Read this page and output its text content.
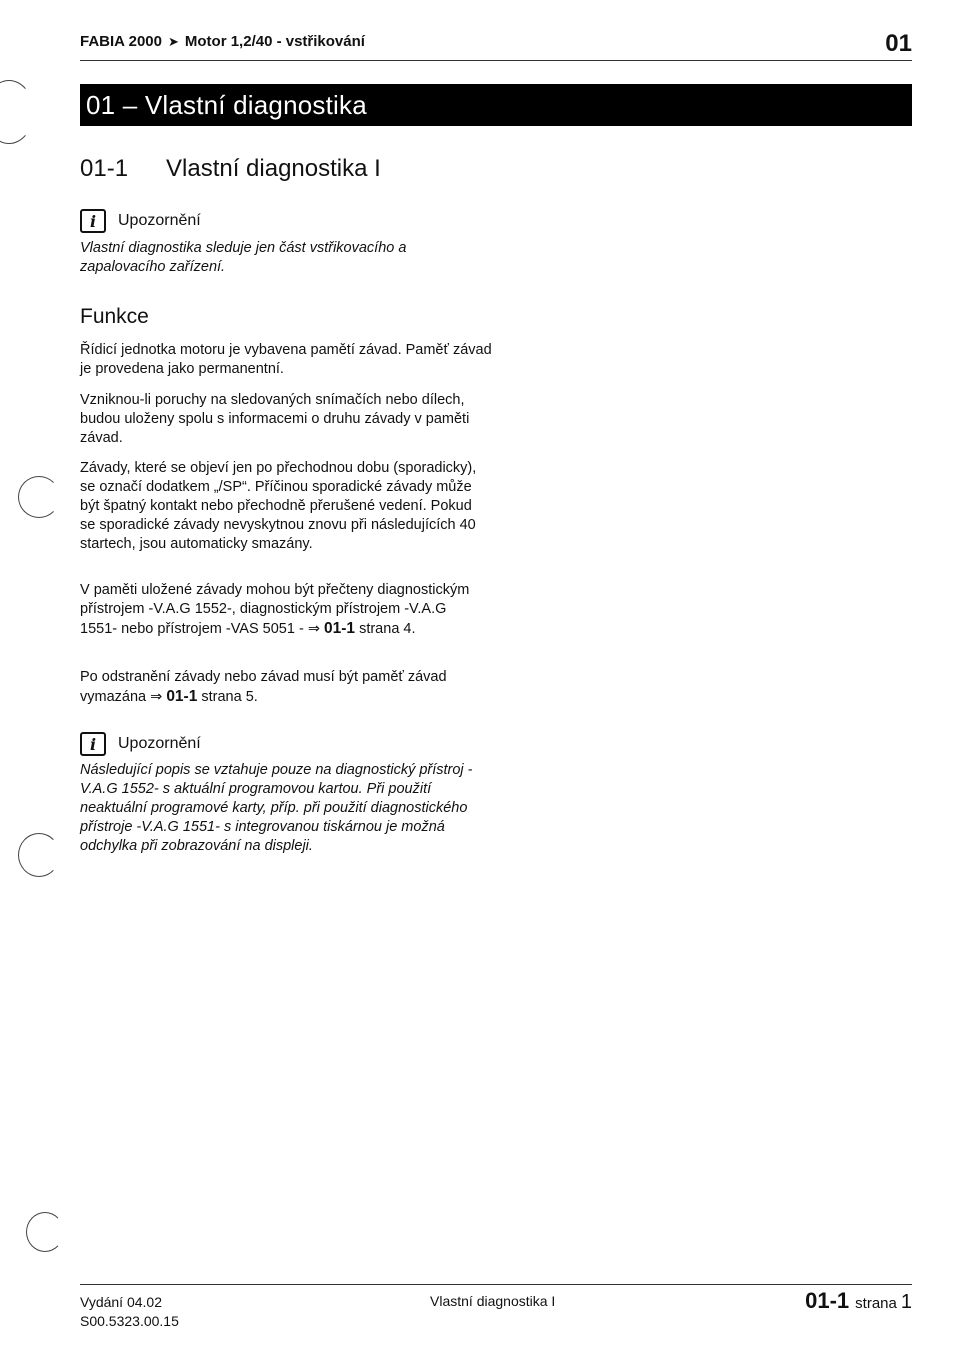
FABIA 2000 ➤ Motor 1,2/40 - vstřikování	01
01 – Vlastní diagnostika
01-1 Vlastní diagnostika I
i	Upozornění

Vlastní diagnostika sleduje jen část vstřikovacího a zapalovacího zařízení.

Funkce

Řídicí jednotka motoru je vybavena pamětí závad. Paměť závad je provedena jako permanentní.

Vzniknou-li poruchy na sledovaných snímačích nebo dílech, budou uloženy spolu s informacemi o druhu závady v paměti závad.

Závady, které se objeví jen po přechodnou dobu (sporadicky), se označí dodatkem „/SP“. Příčinou sporadické závady může být špatný kontakt nebo přechodně přerušené vedení. Pokud se sporadické závady nevyskytnou znovu při následujících 40 startech, jsou automaticky smazány.

V paměti uložené závady mohou být přečteny diagnostickým přístrojem -V.A.G 1552-, diagnostickým přístrojem -V.A.G 1551- nebo přístrojem -VAS 5051 - ⇒ 01-1 strana 4.

Po odstranění závady nebo závad musí být paměť závad vymazána ⇒ 01-1 strana 5.

i	Upozornění

Následující popis se vztahuje pouze na diagnostický přístroj -V.A.G 1552- s aktuální programovou kartou. Při použití neaktuální programové karty, příp. při použití diagnostického přístroje -V.A.G 1551- s integrovanou tiskárnou je možná odchylka při zobrazování na displeji.

Vydání 04.02
S00.5323.00.15
Vlastní diagnostika I	01-1 strana 1
